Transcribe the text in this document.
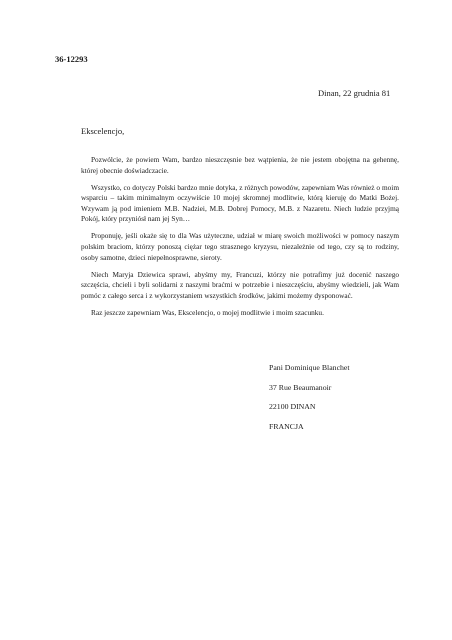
36-12293
Dinan, 22 grudnia 81
Ekscelencjo,

Pozwólcie, że powiem Wam, bardzo nieszczęsnie bez wątpienia, że nie jestem obojętna na gehennę, której obecnie doświadczacie.

Wszystko, co dotyczy Polski bardzo mnie dotyka, z różnych powodów, zapewniam Was również o moim wsparciu – takim minimalnym oczywiście 10 mojej skromnej modlitwie, którą kieruję do Matki Bożej. Wzywam ją pod imieniem M.B. Nadziei, M.B. Dobrej Pomocy, M.B. z Nazaretu. Niech ludzie przyjmą Pokój, który przyniósł nam jej Syn…

Proponuję, jeśli okaże się to dla Was użyteczne, udział w miarę swoich możliwości w pomocy naszym polskim braciom, którzy ponoszą ciężar tego strasznego kryzysu, niezależnie od tego, czy są to rodziny, osoby samotne, dzieci niepełnosprawne, sieroty.

Niech Maryja Dziewica sprawi, abyśmy my, Francuzi, którzy nie potrafimy już docenić naszego szczęścia, chcieli i byli solidarni z naszymi braćmi w potrzebie i nieszczęściu, abyśmy wiedzieli, jak Wam pomóc z całego serca i z wykorzystaniem wszystkich środków, jakimi możemy dysponować.

Raz jeszcze zapewniam Was, Ekscelencjo, o mojej modlitwie i moim szacunku.

Pani Dominique Blanchet
37 Rue Beaumanoir
22100 DINAN
FRANCJA
